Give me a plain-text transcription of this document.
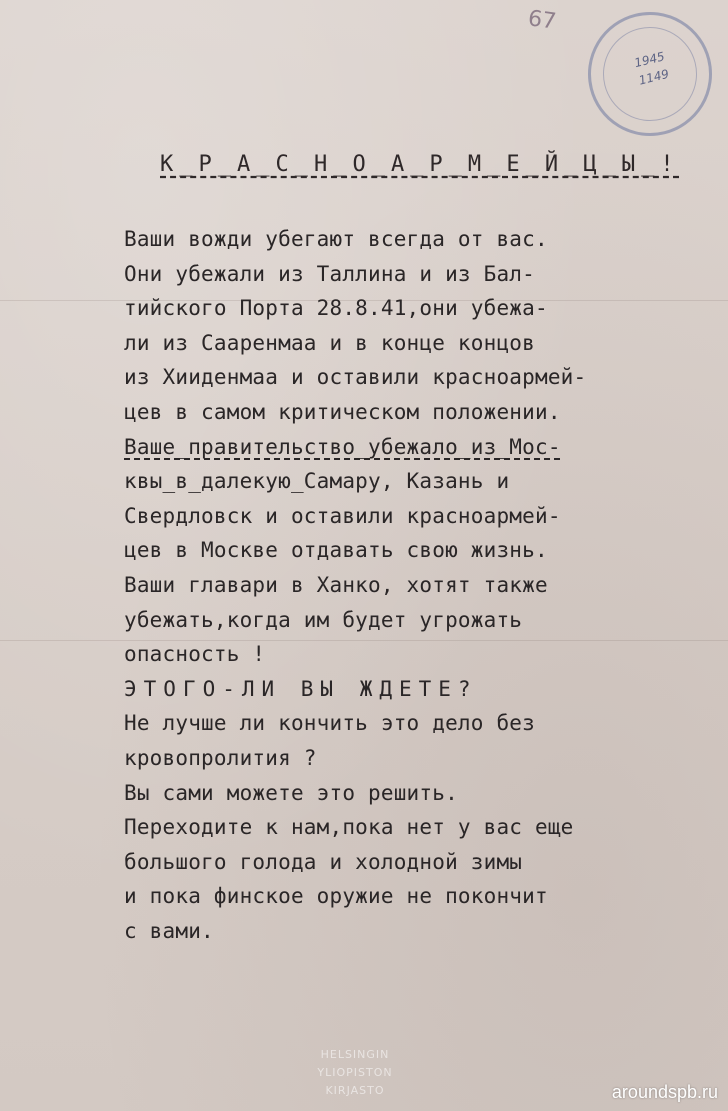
67
1945
1149
К_Р_А_С_Н_О_А_Р_М_Е_Й_Ц_Ы_!
Ваши вожди убегают всегда от вас.
Они убежали из Таллина и из Бал-
тийского Порта 28.8.41,они убежа-
ли из Сааренмаа и в конце концов
из Хииденмаа и оставили красноармей-
цев в самом критическом положении.
Ваше_правительство_убежало_из_Мос-
квы_в_далекую_Самару, Казань и
Свердловск и оставили красноармей-
цев в Москве отдавать свою жизнь.
Ваши главари в Ханко, хотят также
убежать,когда им будет угрожать
опасность !
ЭТОГО-ЛИ ВЫ ЖДЕТЕ?
Не лучше ли кончить это дело без
кровопролития ?
Вы сами можете это решить.
Переходите к нам,пока нет у вас еще
большого голода и холодной зимы
и пока финское оружие не покончит
с вами.
HELSINGIN
YLIOPISTON
KIRJASTO	aroundspb.ru
